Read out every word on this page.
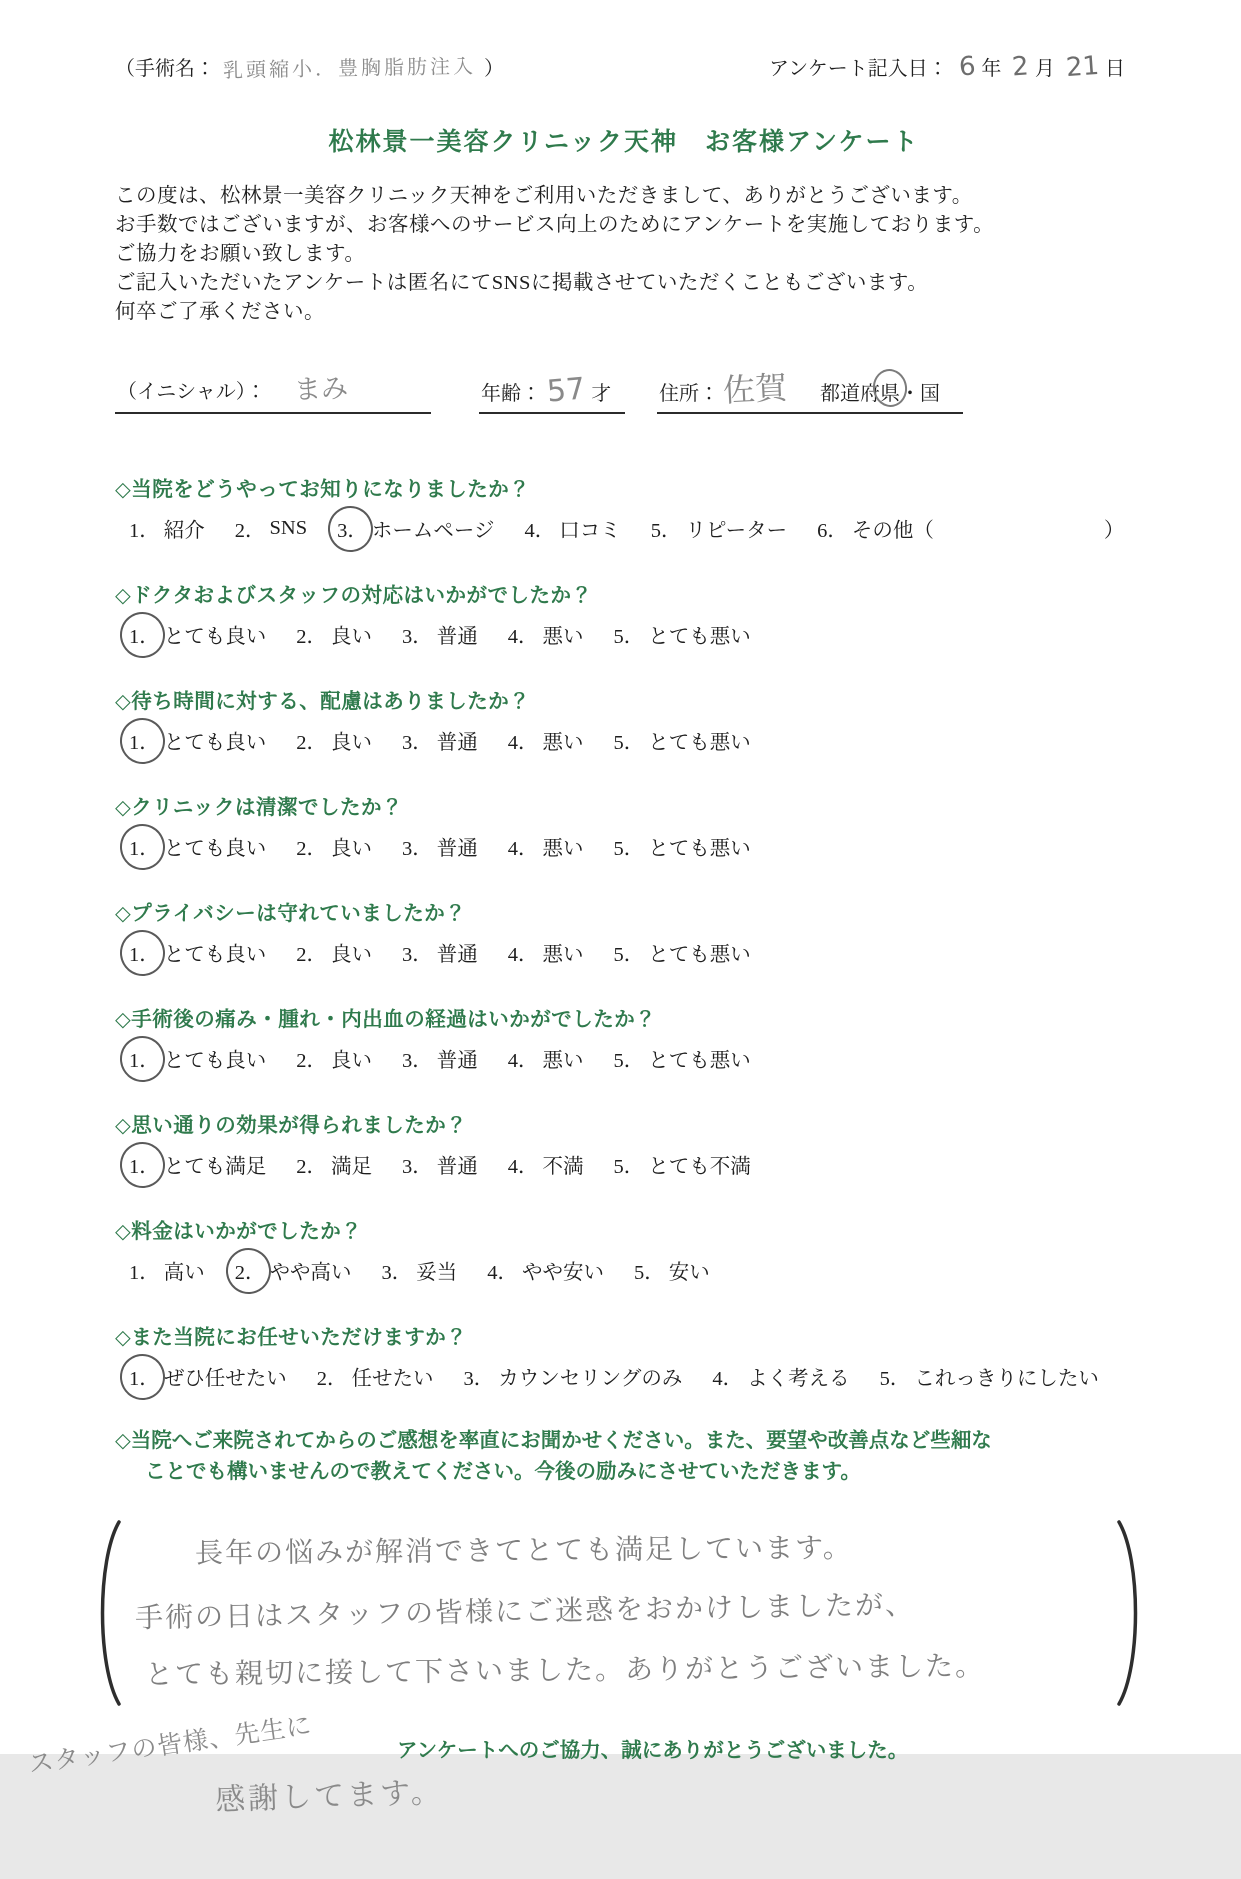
（手術名： 乳頭縮小．豊胸脂肪注入 ）	アンケート記入日： 6 年 2 月 21 日
松林景一美容クリニック天神　お客様アンケート
この度は、松林景一美容クリニック天神をご利用いただきまして、ありがとうございます。
お手数ではございますが、お客様へのサービス向上のためにアンケートを実施しております。
ご協力をお願い致します。
ご記入いただいたアンケートは匿名にてSNSに掲載させていただくこともございます。
何卒ご了承ください。
（イニシャル）： まみ	年齢： 57 才	住所：佐賀 都道府県・国
◇当院をどうやってお知りになりましたか？
1． 紹介 2． SNS 3． ホームページ 4． 口コミ 5． リピーター 6． その他（	）
◇ドクタおよびスタッフの対応はいかがでしたか？
1． とても良い 2． 良い 3． 普通 4． 悪い 5． とても悪い
◇待ち時間に対する、配慮はありましたか？
1． とても良い 2． 良い 3． 普通 4． 悪い 5． とても悪い
◇クリニックは清潔でしたか？
1． とても良い 2． 良い 3． 普通 4． 悪い 5． とても悪い
◇プライバシーは守れていましたか？
1． とても良い 2． 良い 3． 普通 4． 悪い 5． とても悪い
◇手術後の痛み・腫れ・内出血の経過はいかがでしたか？
1． とても良い 2． 良い 3． 普通 4． 悪い 5． とても悪い
◇思い通りの効果が得られましたか？
1． とても満足 2． 満足 3． 普通 4． 不満 5． とても不満
◇料金はいかがでしたか？
1． 高い 2． やや高い 3． 妥当 4． やや安い 5． 安い
◇また当院にお任せいただけますか？
1． ぜひ任せたい 2． 任せたい 3． カウンセリングのみ 4． よく考える 5． これっきりにしたい
◇当院へご来院されてからのご感想を率直にお聞かせください。また、要望や改善点など些細な
ことでも構いませんので教えてください。今後の励みにさせていただきます。
長年の悩みが解消できてとても満足しています。
手術の日はスタッフの皆様にご迷惑をおかけしましたが、
とても親切に接して下さいました。ありがとうございました。
スタッフの皆様、先生に	アンケートへのご協力、誠にありがとうございました。
感謝してます。
